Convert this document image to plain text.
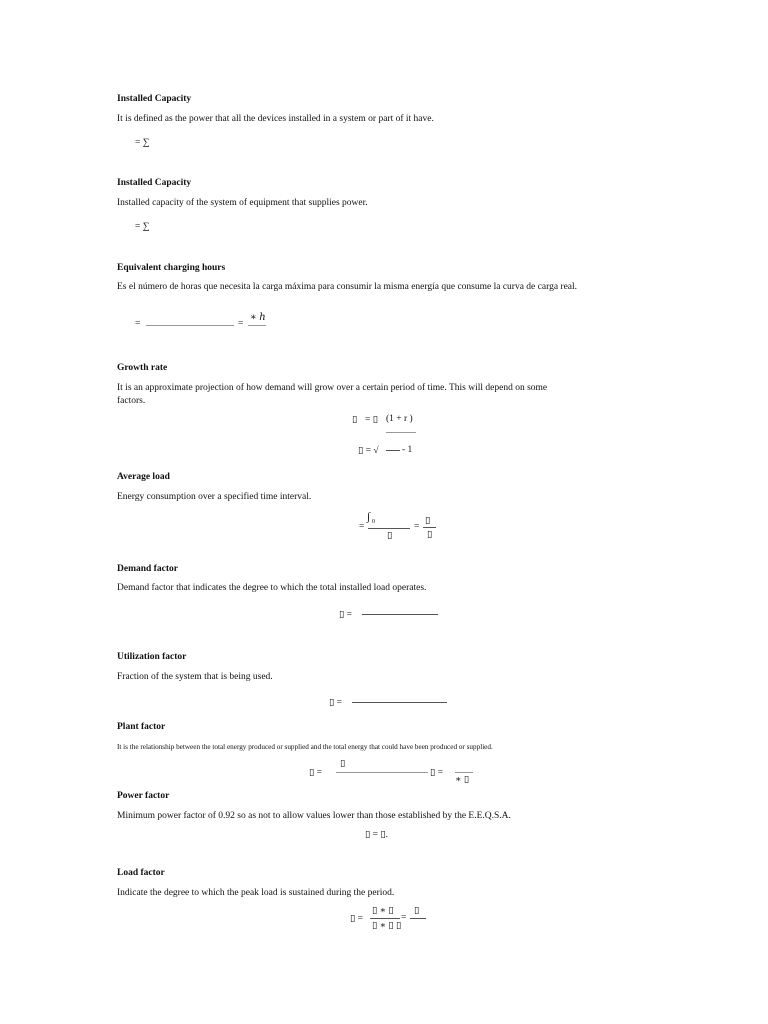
Installed Capacity
It is defined as the power that all the devices installed in a system or part of it have.
= ∑
Installed Capacity
Installed capacity of the system of equipment that supplies power.
= ∑
Equivalent charging hours
Es el número de horas que necesita la carga máxima para consumir la misma energía que consume la curva de carga real.
=	=
∗ ℎ
Growth rate
It is an approximate projection of how demand will grow over a certain period of time. This will depend on some factors.
▯ = ▯ (1 + r )
▯ = √ - 1
Average load
Energy consumption over a specified time interval.
=
∫ 0
▯
=
▯
▯
Demand factor
Demand factor that indicates the degree to which the total installed load operates.
▯ =
Utilization factor
Fraction of the system that is being used.
▯ =
Plant factor
It is the relationship between the total energy produced or supplied and the total energy that could have been produced or supplied.
▯ =
▯
▯ =
∗ ▯
Power factor
Minimum power factor of 0.92 so as not to allow values lower than those established by the E.E.Q.S.A.
▯ = ▯.
Load factor
Indicate the degree to which the peak load is sustained during the period.
▯ =
▯ ∗ ▯
▯ ∗ ▯ ▯
=
▯
